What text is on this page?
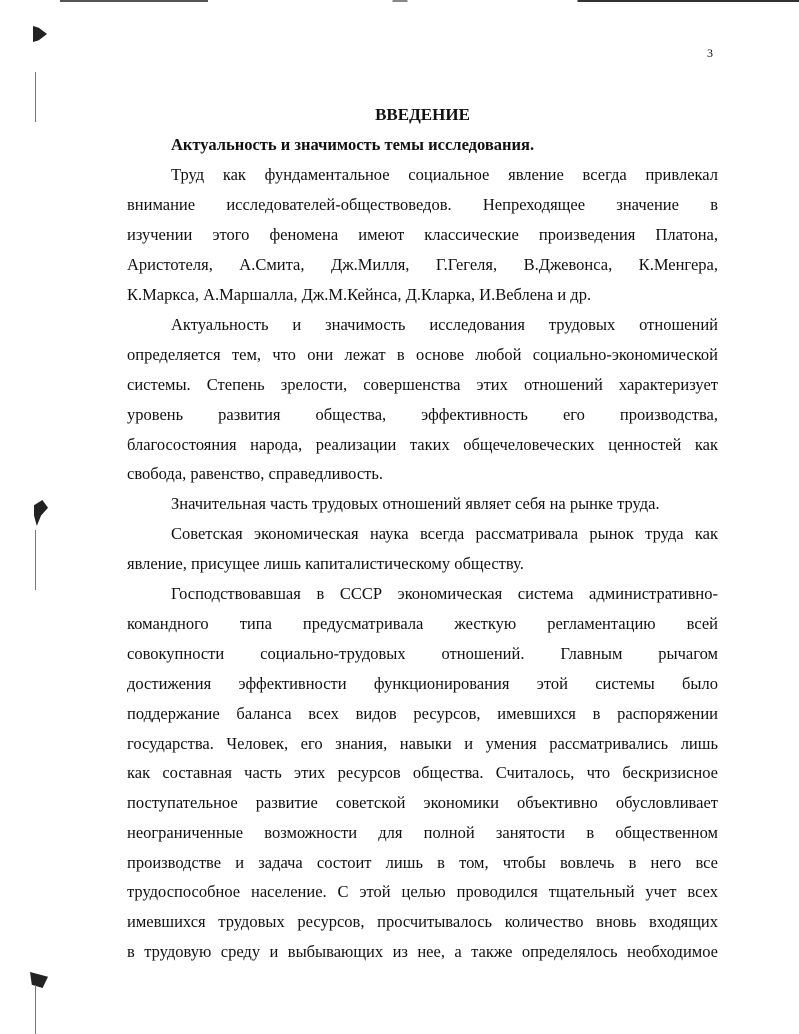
3
ВВЕДЕНИЕ
Актуальность и значимость темы исследования.
Труд как фундаментальное социальное явление всегда привлекал
внимание исследователей-обществоведов. Непреходящее значение в
изучении этого феномена имеют классические произведения Платона,
Аристотеля, А.Смита, Дж.Милля, Г.Гегеля, В.Джевонса, К.Менгера,
К.Маркса, А.Маршалла, Дж.М.Кейнса, Д.Кларка, И.Веблена и др.
Актуальность и значимость исследования трудовых отношений
определяется тем, что они лежат в основе любой социально-экономической
системы. Степень зрелости, совершенства этих отношений характеризует
уровень развития общества, эффективность его производства,
благосостояния народа, реализации таких общечеловеческих ценностей как
свобода, равенство, справедливость.
Значительная часть трудовых отношений являет себя на рынке труда.
Советская экономическая наука всегда рассматривала рынок труда как
явление, присущее лишь капиталистическому обществу.
Господствовавшая в СССР экономическая система административно-
командного типа предусматривала жесткую регламентацию всей
совокупности социально-трудовых отношений. Главным рычагом
достижения эффективности функционирования этой системы было
поддержание баланса всех видов ресурсов, имевшихся в распоряжении
государства. Человек, его знания, навыки и умения рассматривались лишь
как составная часть этих ресурсов общества. Считалось, что бескризисное
поступательное развитие советской экономики объективно обусловливает
неограниченные возможности для полной занятости в общественном
производстве и задача состоит лишь в том, чтобы вовлечь в него все
трудоспособное население. С этой целью проводился тщательный учет всех
имевшихся трудовых ресурсов, просчитывалось количество вновь входящих
в трудовую среду и выбывающих из нее, а также определялось необходимое
